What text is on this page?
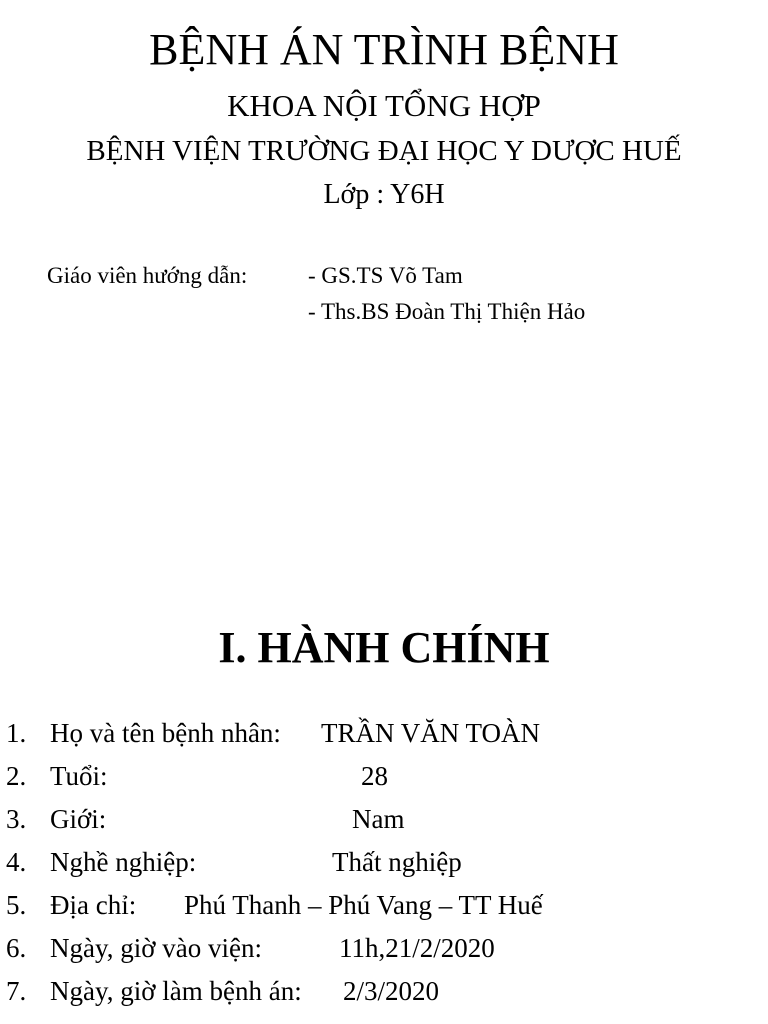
BỆNH ÁN TRÌNH BỆNH
KHOA NỘI TỔNG HỢP
BỆNH VIỆN TRƯỜNG ĐẠI HỌC Y DƯỢC HUẾ
Lớp : Y6H
Giáo viên hướng dẫn:	- GS.TS Võ Tam
- Ths.BS Đoàn Thị Thiện Hảo
I. HÀNH CHÍNH
1. Họ và tên bệnh nhân: TRẦN VĂN TOÀN
2. Tuổi:	28
3. Giới:	Nam
4. Nghề nghiệp:	Thất nghiệp
5. Địa chỉ: Phú Thanh – Phú Vang – TT Huế
6. Ngày, giờ vào viện:	11h,21/2/2020
7. Ngày, giờ làm bệnh án: 2/3/2020
